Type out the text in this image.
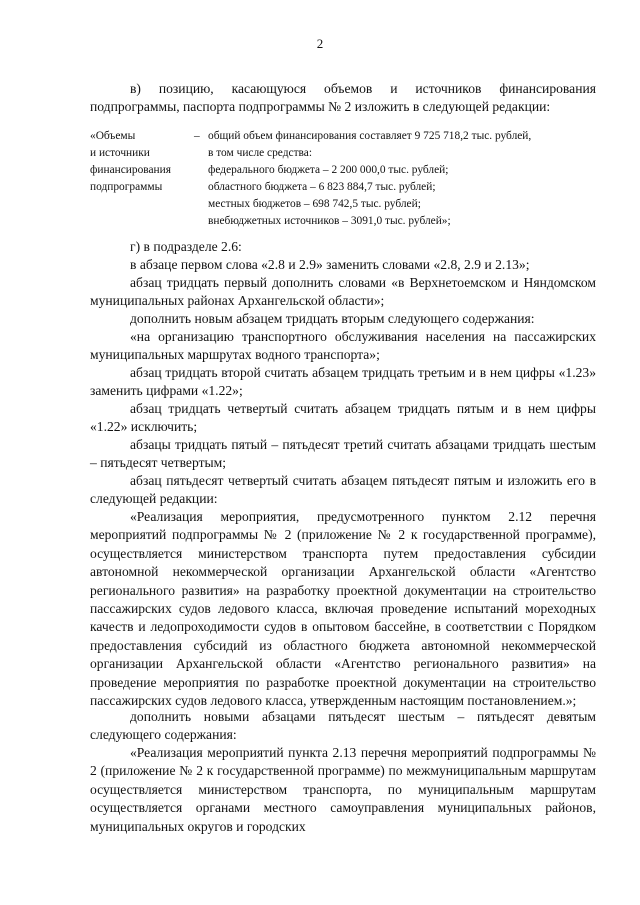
2
в) позицию, касающуюся объемов и источников финансирования подпрограммы, паспорта подпрограммы № 2 изложить в следующей редакции:
«Объемы
и источники
финансирования
подпрограммы
– общий объем финансирования составляет 9 725 718,2 тыс. рублей,
в том числе средства:
федерального бюджета – 2 200 000,0 тыс. рублей;
областного бюджета – 6 823 884,7 тыс. рублей;
местных бюджетов – 698 742,5 тыс. рублей;
внебюджетных источников – 3091,0 тыс. рублей»;
г) в подразделе 2.6:
в абзаце первом слова «2.8 и 2.9» заменить словами «2.8, 2.9 и 2.13»;
абзац тридцать первый дополнить словами «в Верхнетоемском и Няндомском муниципальных районах Архангельской области»;
дополнить новым абзацем тридцать вторым следующего содержания:
«на организацию транспортного обслуживания населения на пассажирских муниципальных маршрутах водного транспорта»;
абзац тридцать второй считать абзацем тридцать третьим и в нем цифры «1.23» заменить цифрами «1.22»;
абзац тридцать четвертый считать абзацем тридцать пятым и в нем цифры «1.22» исключить;
абзацы тридцать пятый – пятьдесят третий считать абзацами тридцать шестым – пятьдесят четвертым;
абзац пятьдесят четвертый считать абзацем пятьдесят пятым и изложить его в следующей редакции:
«Реализация мероприятия, предусмотренного пунктом 2.12 перечня мероприятий подпрограммы № 2 (приложение № 2 к государственной программе), осуществляется министерством транспорта путем предоставления субсидии автономной некоммерческой организации Архангельской области «Агентство регионального развития» на разработку проектной документации на строительство пассажирских судов ледового класса, включая проведение испытаний мореходных качеств и ледопроходимости судов в опытовом бассейне, в соответствии с Порядком предоставления субсидий из областного бюджета автономной некоммерческой организации Архангельской области «Агентство регионального развития» на проведение мероприятия по разработке проектной документации на строительство пассажирских судов ледового класса, утвержденным настоящим постановлением.»;
дополнить новыми абзацами пятьдесят шестым – пятьдесят девятым следующего содержания:
«Реализация мероприятий пункта 2.13 перечня мероприятий подпрограммы № 2 (приложение № 2 к государственной программе) по межмуниципальным маршрутам осуществляется министерством транспорта, по муниципальным маршрутам осуществляется органами местного самоуправления муниципальных районов, муниципальных округов и городских
